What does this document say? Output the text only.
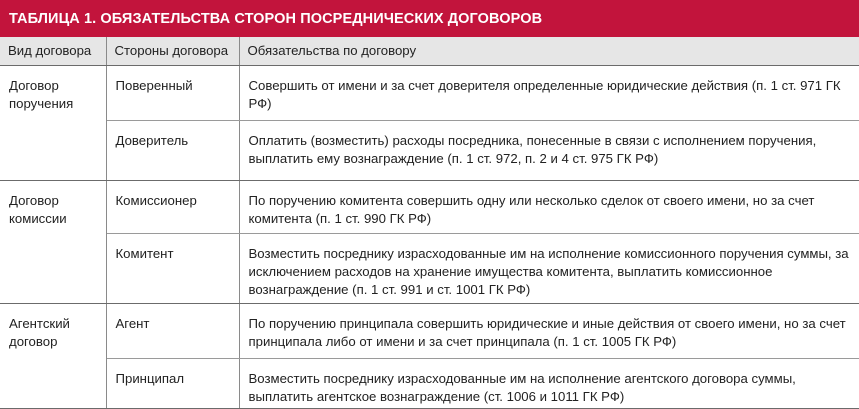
ТАБЛИЦА 1. ОБЯЗАТЕЛЬСТВА СТОРОН ПОСРЕДНИЧЕСКИХ ДОГОВОРОВ
Вид договора	Стороны договора	Обязательства по договору
Договор поручения	Поверенный	Совершить от имени и за счет доверителя определенные юридические действия (п. 1 ст. 971 ГК РФ)
	Доверитель	Оплатить (возместить) расходы посредника, понесенные в связи с исполнением поручения, выплатить ему вознаграждение (п. 1 ст. 972, п. 2 и 4 ст. 975 ГК РФ)
Договор комиссии	Комиссионер	По поручению комитента совершить одну или несколько сделок от своего имени, но за счет комитента (п. 1 ст. 990 ГК РФ)
	Комитент	Возместить посреднику израсходованные им на исполнение комиссионного поручения суммы, за исключением расходов на хранение имущества комитента, выплатить комиссионное вознаграждение (п. 1 ст. 991 и ст. 1001 ГК РФ)
Агентский договор	Агент	По поручению принципала совершить юридические и иные действия от своего имени, но за счет принципала либо от имени и за счет принципала (п. 1 ст. 1005 ГК РФ)
	Принципал	Возместить посреднику израсходованные им на исполнение агентского договора суммы, выплатить агентское вознаграждение (ст. 1006 и 1011 ГК РФ)
